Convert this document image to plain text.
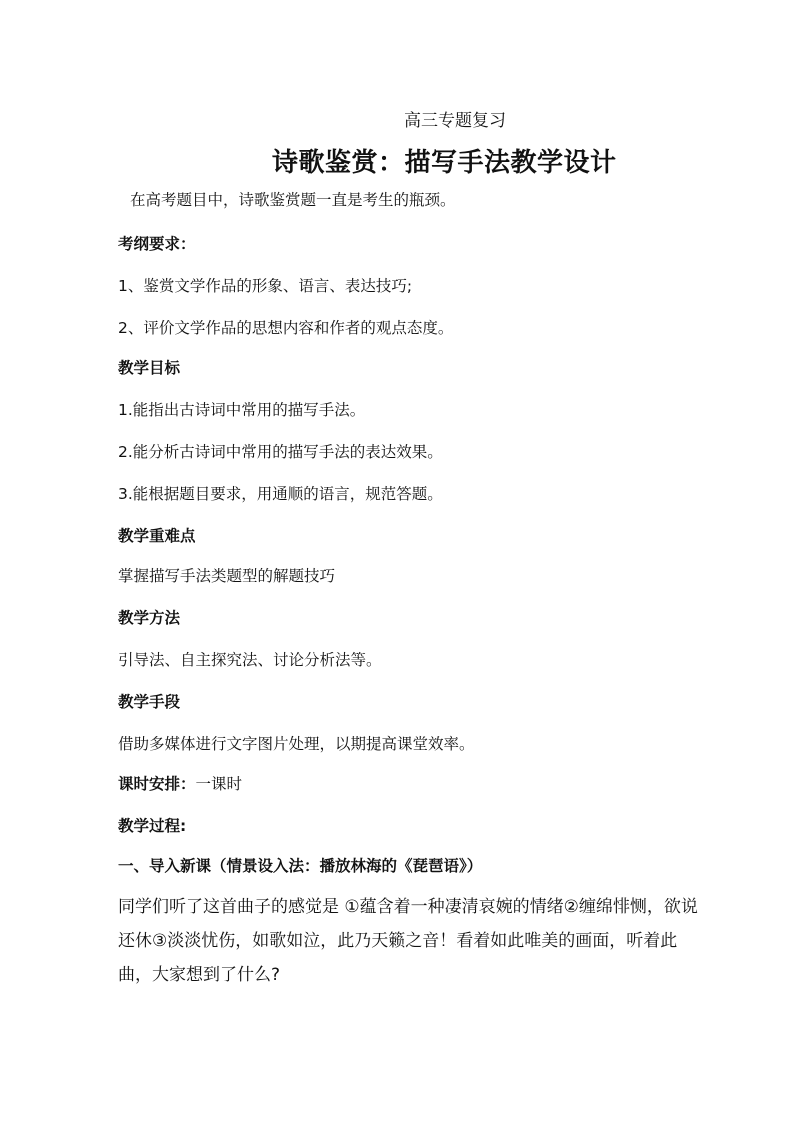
高三专题复习
诗歌鉴赏：描写手法教学设计
在高考题目中，诗歌鉴赏题一直是考生的瓶颈。
考纲要求：
1、鉴赏文学作品的形象、语言、表达技巧;
2、评价文学作品的思想内容和作者的观点态度。
教学目标
1.能指出古诗词中常用的描写手法。
2.能分析古诗词中常用的描写手法的表达效果。
3.能根据题目要求，用通顺的语言，规范答题。
教学重难点
掌握描写手法类题型的解题技巧
教学方法
引导法、自主探究法、讨论分析法等。
教学手段
借助多媒体进行文字图片处理，以期提高课堂效率。
课时安排：一课时
教学过程:
一、导入新课（情景设入法：播放林海的《琵琶语》）
同学们听了这首曲子的感觉是 ①蕴含着一种凄清哀婉的情绪②缠绵悱恻，欲说还休③淡淡忧伤，如歌如泣，此乃天籁之音！看着如此唯美的画面，听着此曲，大家想到了什么?
